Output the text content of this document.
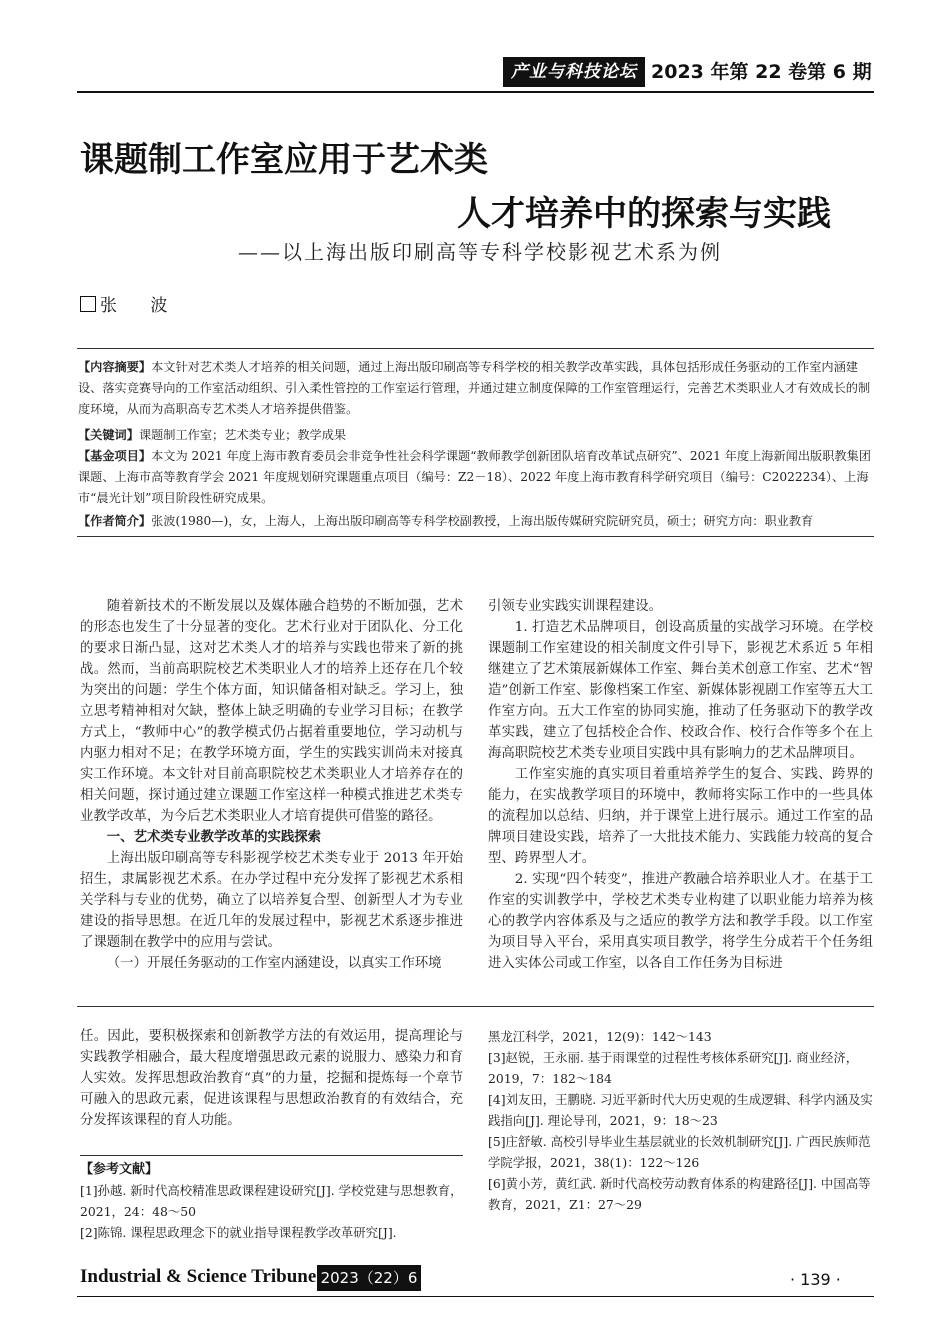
产业与科技论坛 2023 年第 22 卷第 6 期
课题制工作室应用于艺术类
人才培养中的探索与实践
——以上海出版印刷高等专科学校影视艺术系为例
张 波
【内容摘要】本文针对艺术类人才培养的相关问题，通过上海出版印刷高等专科学校的相关教学改革实践，具体包括形成任务驱动的工作室内涵建设、落实竞赛导向的工作室活动组织、引入柔性管控的工作室运行管理，并通过建立制度保障的工作室管理运行，完善艺术类职业人才有效成长的制度环境，从而为高职高专艺术类人才培养提供借鉴。
【关键词】课题制工作室；艺术类专业；教学成果
【基金项目】本文为 2021 年度上海市教育委员会非竞争性社会科学课题“教师教学创新团队培育改革试点研究”、2021 年度上海新闻出版职教集团课题、上海市高等教育学会 2021 年度规划研究课题重点项目（编号：Z2－18）、2022 年度上海市教育科学研究项目（编号：C2022234）、上海市“晨光计划”项目阶段性研究成果。
【作者简介】张波(1980—)，女，上海人，上海出版印刷高等专科学校副教授，上海出版传媒研究院研究员，硕士；研究方向：职业教育

随着新技术的不断发展以及媒体融合趋势的不断加强，艺术的形态也发生了十分显著的变化。艺术行业对于团队化、分工化的要求日渐凸显，这对艺术类人才的培养与实践也带来了新的挑战。然而，当前高职院校艺术类职业人才的培养上还存在几个较为突出的问题：学生个体方面，知识储备相对缺乏。学习上，独立思考精神相对欠缺，整体上缺乏明确的专业学习目标；在教学方式上，“教师中心”的教学模式仍占据着重要地位，学习动机与内驱力相对不足；在教学环境方面，学生的实践实训尚未对接真实工作环境。本文针对目前高职院校艺术类职业人才培养存在的相关问题，探讨通过建立课题工作室这样一种模式推进艺术类专业教学改革，为今后艺术类职业人才培育提供可借鉴的路径。

一、艺术类专业教学改革的实践探索

上海出版印刷高等专科影视学校艺术类专业于 2013 年开始招生，隶属影视艺术系。在办学过程中充分发挥了影视艺术系相关学科与专业的优势，确立了以培养复合型、创新型人才为专业建设的指导思想。在近几年的发展过程中，影视艺术系逐步推进了课题制在教学中的应用与尝试。

（一）开展任务驱动的工作室内涵建设，以真实工作环境

引领专业实践实训课程建设。

1. 打造艺术品牌项目，创设高质量的实战学习环境。在学校课题制工作室建设的相关制度文件引导下，影视艺术系近 5 年相继建立了艺术策展新媒体工作室、舞台美术创意工作室、艺术“智造”创新工作室、影像档案工作室、新媒体影视剧工作室等五大工作室方向。五大工作室的协同实施，推动了任务驱动下的教学改革实践，建立了包括校企合作、校政合作、校行合作等多个在上海高职院校艺术类专业项目实践中具有影响力的艺术品牌项目。

工作室实施的真实项目着重培养学生的复合、实践、跨界的能力，在实战教学项目的环境中，教师将实际工作中的一些具体的流程加以总结、归纳，并于课堂上进行展示。通过工作室的品牌项目建设实践，培养了一大批技术能力、实践能力较高的复合型、跨界型人才。

2. 实现“四个转变”，推进产教融合培养职业人才。在基于工作室的实训教学中，学校艺术类专业构建了以职业能力培养为核心的教学内容体系及与之适应的教学方法和教学手段。以工作室为项目导入平台，采用真实项目教学，将学生分成若干个任务组进入实体公司或工作室，以各自工作任务为目标进

任。因此，要积极探索和创新教学方法的有效运用，提高理论与实践教学相融合，最大程度增强思政元素的说服力、感染力和育人实效。发挥思想政治教育“真”的力量，挖掘和提炼每一个章节可融入的思政元素，促进该课程与思想政治教育的有效结合，充分发挥该课程的育人功能。

【参考文献】

[1]孙越. 新时代高校精准思政课程建设研究[J]. 学校党建与思想教育，2021，24：48～50

[2]陈锦. 课程思政理念下的就业指导课程教学改革研究[J].

黑龙江科学，2021，12(9)：142～143

[3]赵锐，王永丽. 基于雨课堂的过程性考核体系研究[J]. 商业经济，2019，7：182～184

[4]刘友田，王鹏晓. 习近平新时代大历史观的生成逻辑、科学内涵及实践指向[J]. 理论导刊，2021，9：18～23

[5]庄舒敏. 高校引导毕业生基层就业的长效机制研究[J]. 广西民族师范学院学报，2021，38(1)：122～126

[6]黄小芳，黄红武. 新时代高校劳动教育体系的构建路径[J]. 中国高等教育，2021，Z1：27～29

Industrial & Science Tribune 2023（22）6	· 139 ·
